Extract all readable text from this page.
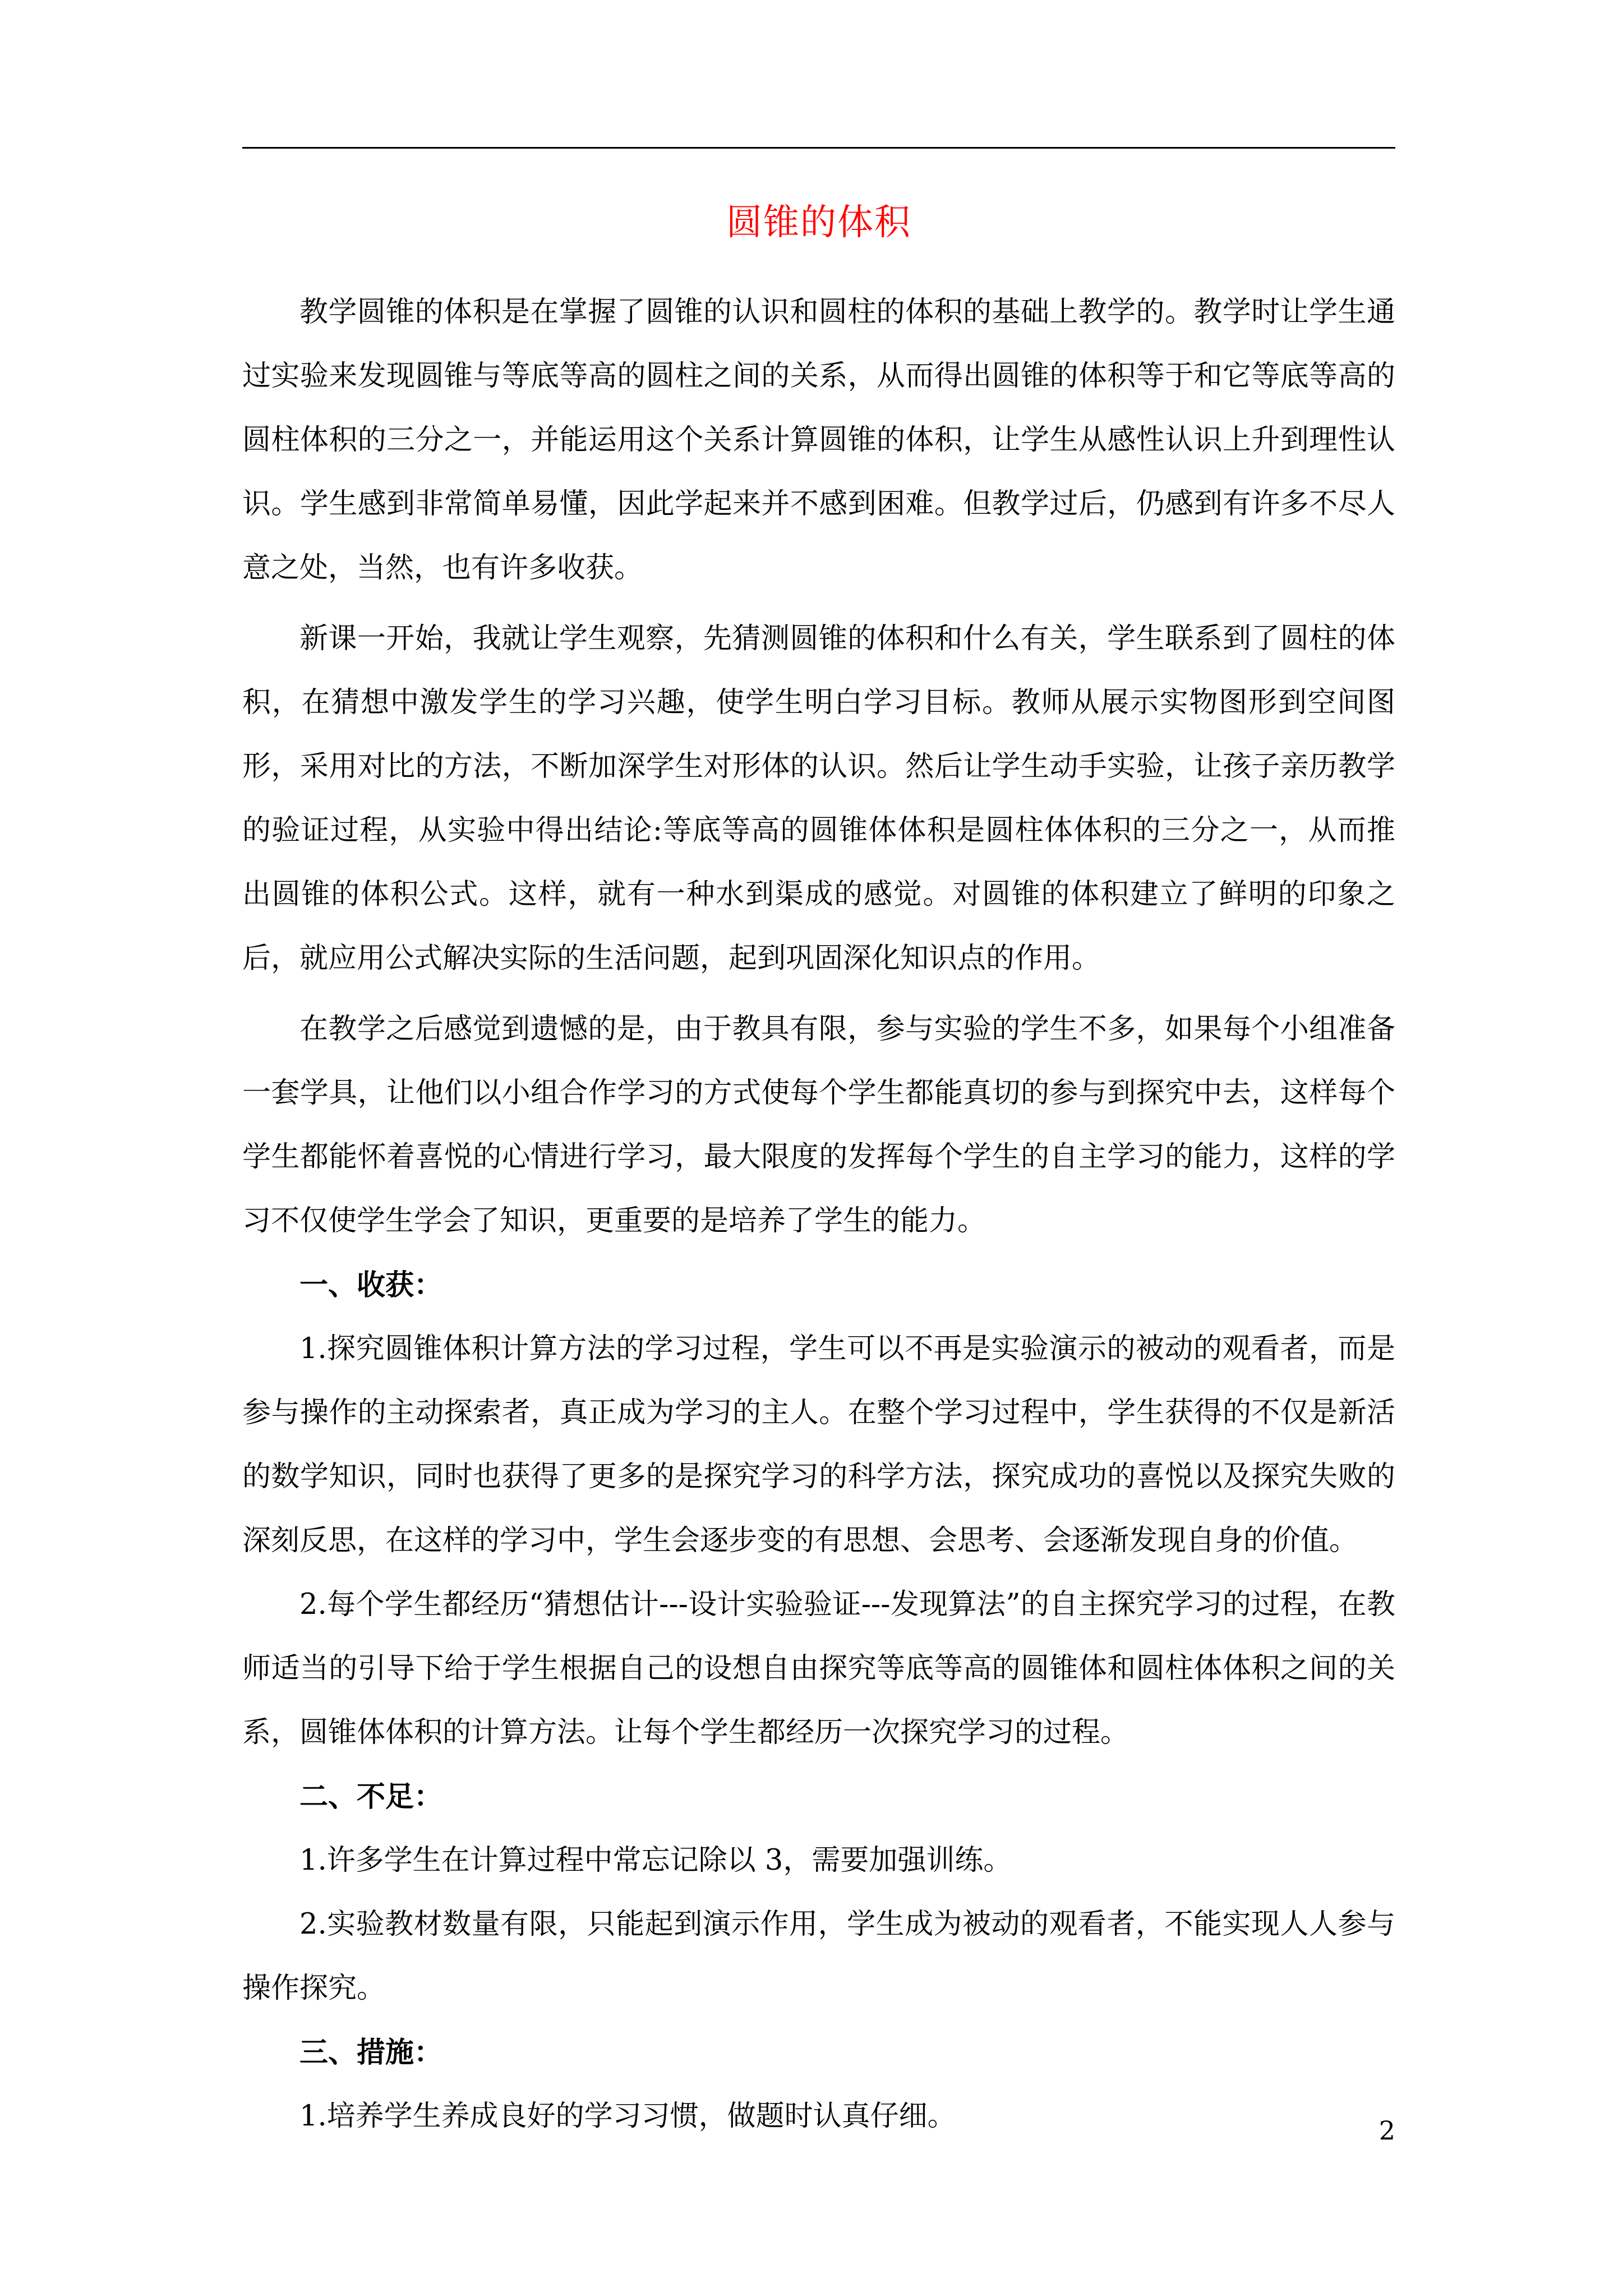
圆锥的体积

教学圆锥的体积是在掌握了圆锥的认识和圆柱的体积的基础上教学的。教学时让学生通过实验来发现圆锥与等底等高的圆柱之间的关系，从而得出圆锥的体积等于和它等底等高的圆柱体积的三分之一，并能运用这个关系计算圆锥的体积，让学生从感性认识上升到理性认识。学生感到非常简单易懂，因此学起来并不感到困难。但教学过后，仍感到有许多不尽人意之处，当然，也有许多收获。

新课一开始，我就让学生观察，先猜测圆锥的体积和什么有关，学生联系到了圆柱的体积，在猜想中激发学生的学习兴趣，使学生明白学习目标。教师从展示实物图形到空间图形，采用对比的方法，不断加深学生对形体的认识。然后让学生动手实验，让孩子亲历教学的验证过程，从实验中得出结论:等底等高的圆锥体体积是圆柱体体积的三分之一，从而推出圆锥的体积公式。这样，就有一种水到渠成的感觉。对圆锥的体积建立了鲜明的印象之后，就应用公式解决实际的生活问题，起到巩固深化知识点的作用。

在教学之后感觉到遗憾的是，由于教具有限，参与实验的学生不多，如果每个小组准备一套学具，让他们以小组合作学习的方式使每个学生都能真切的参与到探究中去，这样每个学生都能怀着喜悦的心情进行学习，最大限度的发挥每个学生的自主学习的能力，这样的学习不仅使学生学会了知识，更重要的是培养了学生的能力。

一、收获：

1.探究圆锥体积计算方法的学习过程，学生可以不再是实验演示的被动的观看者，而是参与操作的主动探索者，真正成为学习的主人。在整个学习过程中，学生获得的不仅是新活的数学知识，同时也获得了更多的是探究学习的科学方法，探究成功的喜悦以及探究失败的深刻反思，在这样的学习中，学生会逐步变的有思想、会思考、会逐渐发现自身的价值。

2.每个学生都经历“猜想估计---设计实验验证---发现算法”的自主探究学习的过程，在教师适当的引导下给于学生根据自己的设想自由探究等底等高的圆锥体和圆柱体体积之间的关系，圆锥体体积的计算方法。让每个学生都经历一次探究学习的过程。

二、不足：

1.许多学生在计算过程中常忘记除以 3，需要加强训练。

2.实验教材数量有限，只能起到演示作用，学生成为被动的观看者，不能实现人人参与操作探究。

三、措施：

1.培养学生养成良好的学习习惯，做题时认真仔细。	2
